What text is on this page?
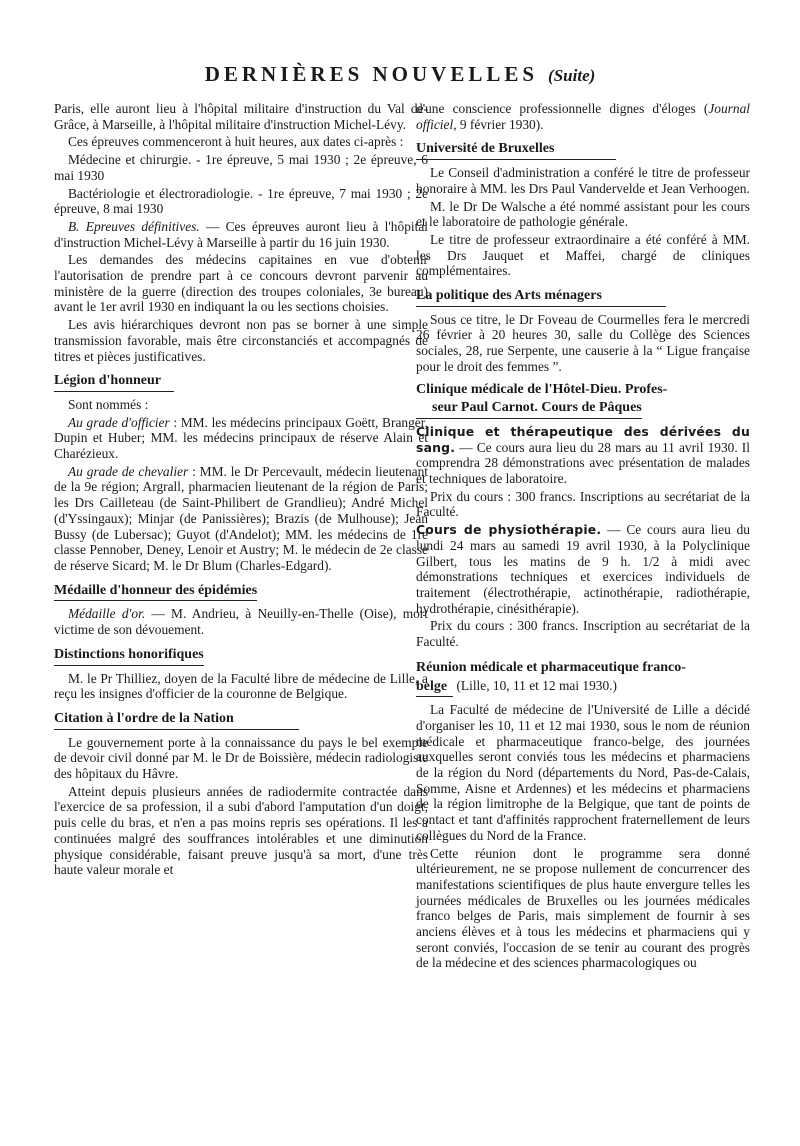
DERNIÈRES NOUVELLES (Suite)

Paris, elle auront lieu à l'hôpital militaire d'instruction du Val de-Grâce, à Marseille, à l'hôpital militaire d'instruction Michel-Lévy.

Ces épreuves commenceront à huit heures, aux dates ci-après :

Médecine et chirurgie. - 1re épreuve, 5 mai 1930 ; 2e épreuve, 6 mai 1930

Bactériologie et électroradiologie. - 1re épreuve, 7 mai 1930 ; 2e épreuve, 8 mai 1930

B. Epreuves définitives. — Ces épreuves auront lieu à l'hôpital d'instruction Michel-Lévy à Marseille à partir du 16 juin 1930.

Les demandes des médecins capitaines en vue d'obtenir l'autorisation de prendre part à ce concours devront parvenir au ministère de la guerre (direction des troupes coloniales, 3e bureau) avant le 1er avril 1930 en indiquant la ou les sections choisies.

Les avis hiérarchiques devront non pas se borner à une simple transmission favorable, mais être circonstanciés et accompagnés de titres et pièces justificatives.

Légion d'honneur

Sont nommés :

Au grade d'officier : MM. les médecins principaux Goëtt, Branger, Dupin et Huber; MM. les médecins principaux de réserve Alain et Charézieux.

Au grade de chevalier : MM. le Dr Percevault, médecin lieutenant de la 9e région; Argrall, pharmacien lieutenant de la région de Paris; les Drs Cailleteau (de Saint-Philibert de Grandlieu); André Michel (d'Yssingaux); Minjar (de Panissières); Brazis (de Mulhouse); Jean Bussy (de Lubersac); Guyot (d'Andelot); MM. les médecins de 1re classe Pennober, Deney, Lenoir et Austry; M. le médecin de 2e classe de réserve Sicard; M. le Dr Blum (Charles-Edgard).

Médaille d'honneur des épidémies

Médaille d'or. — M. Andrieu, à Neuilly-en-Thelle (Oise), mort victime de son dévouement.

Distinctions honorifiques

M. le Pr Thilliez, doyen de la Faculté libre de médecine de Lille, a reçu les insignes d'officier de la couronne de Belgique.

Citation à l'ordre de la Nation

Le gouvernement porte à la connaissance du pays le bel exemple de devoir civil donné par M. le Dr de Boissière, médecin radiologiste des hôpitaux du Hâvre.

Atteint depuis plusieurs années de radiodermite contractée dans l'exercice de sa profession, il a subi d'abord l'amputation d'un doigt, puis celle du bras, et n'en a pas moins repris ses opérations. Il les a continuées malgré des souffrances intolérables et une diminution physique considérable, faisant preuve jusqu'à sa mort, d'une très haute valeur morale et

d'une conscience professionnelle dignes d'éloges (Journal officiel, 9 février 1930).

Université de Bruxelles

Le Conseil d'administration a conféré le titre de professeur honoraire à MM. les Drs Paul Vandervelde et Jean Verhoogen.

M. le Dr De Walsche a été nommé assistant pour les cours et le laboratoire de pathologie générale.

Le titre de professeur extraordinaire a été conféré à MM. les Drs Jauquet et Maffei, chargé de cliniques complémentaires.

La politique des Arts ménagers

Sous ce titre, le Dr Foveau de Courmelles fera le mercredi 26 février à 20 heures 30, salle du Collège des Sciences sociales, 28, rue Serpente, une causerie à la “ Ligue française pour le droit des femmes ”.

Clinique médicale de l'Hôtel-Dieu. Profes-
seur Paul Carnot. Cours de Pâques

Clinique et thérapeutique des dérivées du sang. — Ce cours aura lieu du 28 mars au 11 avril 1930. Il comprendra 28 démonstrations avec présentation de malades et techniques de laboratoire.

Prix du cours : 300 francs. Inscriptions au secrétariat de la Faculté.

Cours de physiothérapie. — Ce cours aura lieu du lundi 24 mars au samedi 19 avril 1930, à la Polyclinique Gilbert, tous les matins de 9 h. 1/2 à midi avec démonstrations techniques et exercices individuels de traitement (électrothérapie, actinothérapie, radiothérapie, hydrothérapie, cinésithérapie).

Prix du cours : 300 francs. Inscription au secrétariat de la Faculté.

Réunion médicale et pharmaceutique franco-
belge (Lille, 10, 11 et 12 mai 1930.)

La Faculté de médecine de l'Université de Lille a décidé d'organiser les 10, 11 et 12 mai 1930, sous le nom de réunion médicale et pharmaceutique franco-belge, des journées auxquelles seront conviés tous les médecins et pharmaciens de la région du Nord (départements du Nord, Pas-de-Calais, Somme, Aisne et Ardennes) et les médecins et pharmaciens de la région limitrophe de la Belgique, que tant de points de contact et tant d'affinités rapprochent fraternellement de leurs collègues du Nord de la France.

Cette réunion dont le programme sera donné ultérieurement, ne se propose nullement de concurrencer des manifestations scientifiques de plus haute envergure telles les journées médicales de Bruxelles ou les journées médicales franco belges de Paris, mais simplement de fournir à ses anciens élèves et à tous les médecins et pharmaciens qui y seront conviés, l'occasion de se tenir au courant des progrès de la médecine et des sciences pharmacologiques ou
